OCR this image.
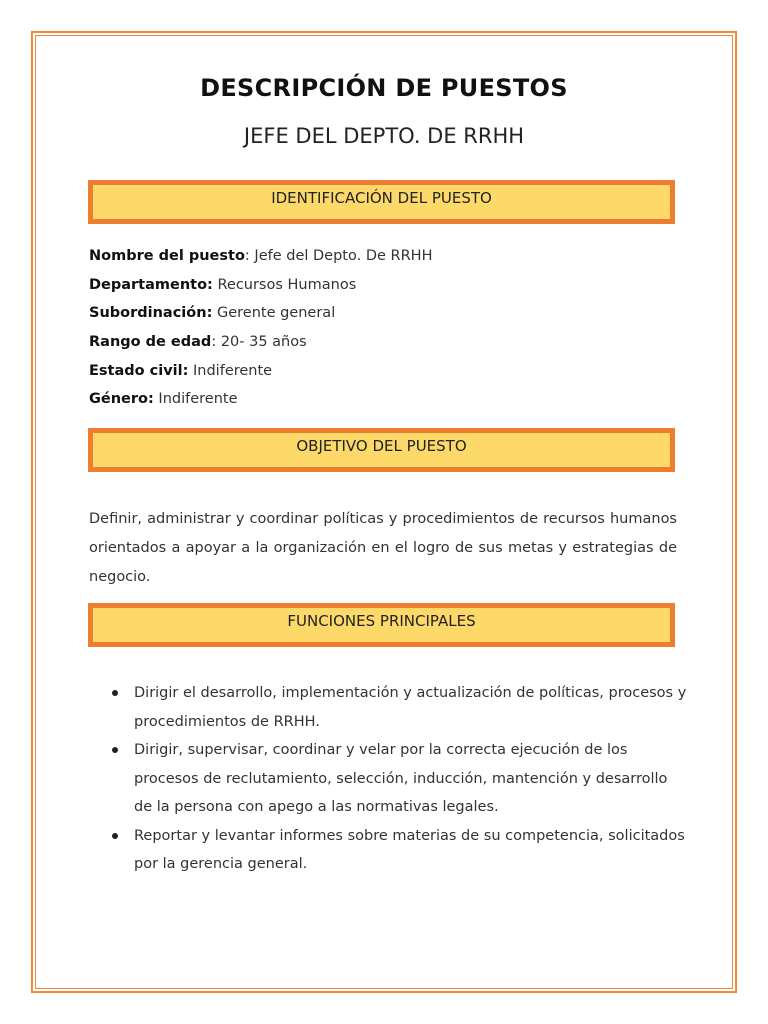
DESCRIPCIÓN DE PUESTOS
JEFE DEL DEPTO. DE RRHH
IDENTIFICACIÓN DEL PUESTO
Nombre del puesto: Jefe del Depto. De RRHH
Departamento: Recursos Humanos
Subordinación: Gerente general
Rango de edad: 20- 35 años
Estado civil: Indiferente
Género: Indiferente
OBJETIVO DEL PUESTO

Definir, administrar y coordinar políticas y procedimientos de recursos humanos orientados a apoyar a la organización en el logro de sus metas y estrategias de negocio.

FUNCIONES PRINCIPALES
Dirigir el desarrollo, implementación y actualización de políticas, procesos y procedimientos de RRHH.
Dirigir, supervisar, coordinar y velar por la correcta ejecución de los procesos de reclutamiento, selección, inducción, mantención y desarrollo de la persona con apego a las normativas legales.
Reportar y levantar informes sobre materias de su competencia, solicitados por la gerencia general.
